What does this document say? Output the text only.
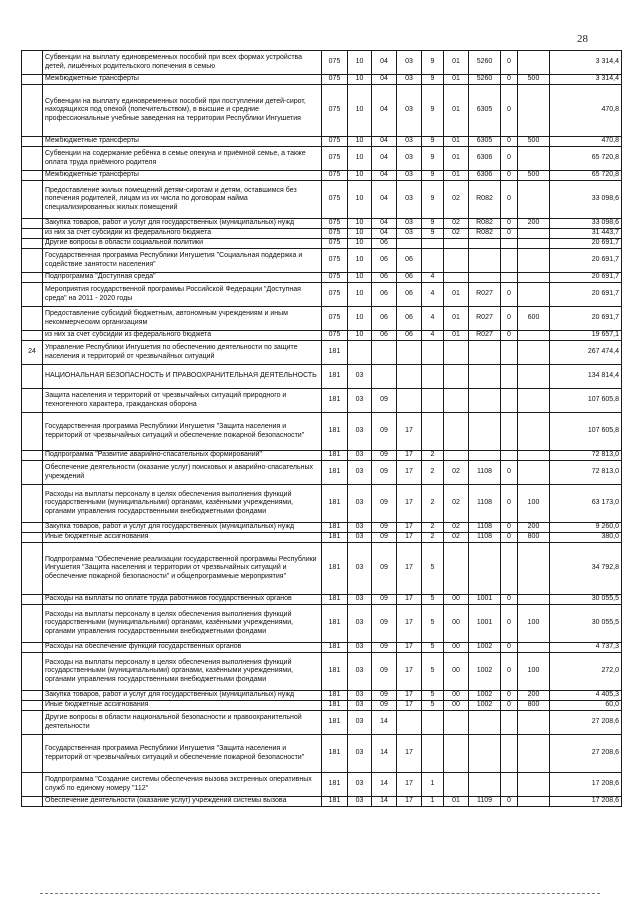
28
	Субвенции на выплату единовременных пособий при всех формах устройства детей, лишённых родительского попечения в семью	075	10	04	03	9	01	5260	0		3 314,4
	Межбюджетные трансферты	075	10	04	03	9	01	5260	0	500	3 314,4
	Субвенции на выплату единовременных пособий при поступлении детей-сирот, находящихся под опекой (попечительством), в высшие и средние профессиональные учебные заведения на территории Республики Ингушетия	075	10	04	03	9	01	6305	0		470,8
	Межбюджетные трансферты	075	10	04	03	9	01	6305	0	500	470,8
	Субвенции на содержание ребёнка в семье опекуна и приёмной семье, а также оплата труда приёмного родителя	075	10	04	03	9	01	6306	0		65 720,8
	Межбюджетные трансферты	075	10	04	03	9	01	6306	0	500	65 720,8
	Предоставление жилых помещений детям-сиротам и детям, оставшимся без попечения родителей, лицам из их числа по договорам найма специализированных жилых помещений	075	10	04	03	9	02	R082	0		33 098,6
	Закупка товаров, работ и услуг для государственных (муниципальных) нужд	075	10	04	03	9	02	R082	0	200	33 098,6
	из них за счет субсидии из федерального бюджета	075	10	04	03	9	02	R082	0		31 443,7
	Другие вопросы в области социальной политики	075	10	06							20 691,7
	Государственная программа Республики Ингушетия "Социальная поддержка и содействие занятости населения"	075	10	06	06						20 691,7
	Подпрограмма "Доступная среда"	075	10	06	06	4					20 691,7
	Мероприятия государственной программы Российской Федерации "Доступная среда" на 2011 - 2020 годы	075	10	06	06	4	01	R027	0		20 691,7
	Предоставление субсидий бюджетным, автономным учреждениям и иным некоммерческим организациям	075	10	06	06	4	01	R027	0	600	20 691,7
	из них за счет субсидии из федерального бюджета	075	10	06	06	4	01	R027	0		19 657,1
24	Управление Республики Ингушетия по обеспечению деятельности по защите населения и территорий от чрезвычайных ситуаций	181									267 474,4
	НАЦИОНАЛЬНАЯ БЕЗОПАСНОСТЬ И ПРАВООХРАНИТЕЛЬНАЯ ДЕЯТЕЛЬНОСТЬ	181	03								134 814,4
	Защита населения и территорий от чрезвычайных ситуаций природного и техногенного характера, гражданская оборона	181	03	09							107 605,8
	Государственная программа Республики Ингушетия "Защита населения и территорий от чрезвычайных ситуаций и обеспечение пожарной безопасности"	181	03	09	17						107 605,8
	Подпрограмма "Развитие аварийно-спасательных формирований"	181	03	09	17	2					72 813,0
	Обеспечение деятельности (оказание услуг) поисковых и аварийно-спасательных учреждений	181	03	09	17	2	02	1108	0		72 813,0
	Расходы на выплаты персоналу в целях обеспечения выполнения функций государственными (муниципальными) органами, казёнными учреждениями, органами управления государственными внебюджетными фондами	181	03	09	17	2	02	1108	0	100	63 173,0
	Закупка товаров, работ и услуг для государственных (муниципальных) нужд	181	03	09	17	2	02	1108	0	200	9 260,0
	Иные бюджетные ассигнования	181	03	09	17	2	02	1108	0	800	380,0
	Подпрограмма "Обеспечение реализации государственной программы Республики Ингушетия "Защита населения и территории от чрезвычайных ситуаций и обеспечение пожарной безопасности" и общепрограммные мероприятия"	181	03	09	17	5					34 792,8
	Расходы на выплаты по оплате труда работников государственных органов	181	03	09	17	5	00	1001	0		30 055,5
	Расходы на выплаты персоналу в целях обеспечения выполнения функций государственными (муниципальными) органами, казёнными учреждениями, органами управления государственными внебюджетными фондами	181	03	09	17	5	00	1001	0	100	30 055,5
	Расходы на обеспечение функций государственных органов	181	03	09	17	5	00	1002	0		4 737,3
	Расходы на выплаты персоналу в целях обеспечения выполнения функций государственными (муниципальными) органами, казёнными учреждениями, органами управления государственными внебюджетными фондами	181	03	09	17	5	00	1002	0	100	272,0
	Закупка товаров, работ и услуг для государственных (муниципальных) нужд	181	03	09	17	5	00	1002	0	200	4 405,3
	Иные бюджетные ассигнования	181	03	09	17	5	00	1002	0	800	60,0
	Другие вопросы в области национальной безопасности и правоохранительной деятельности	181	03	14							27 208,6
	Государственная программа Республики Ингушетия "Защита населения и территорий от чрезвычайных ситуаций и обеспечение пожарной безопасности"	181	03	14	17						27 208,6
	Подпрограмма "Создание системы обеспечения вызова экстренных оперативных служб по единому номеру "112"	181	03	14	17	1					17 208,6
	Обеспечение деятельности (оказание услуг) учреждений системы вызова	181	03	14	17	1	01	1109	0		17 208,6
